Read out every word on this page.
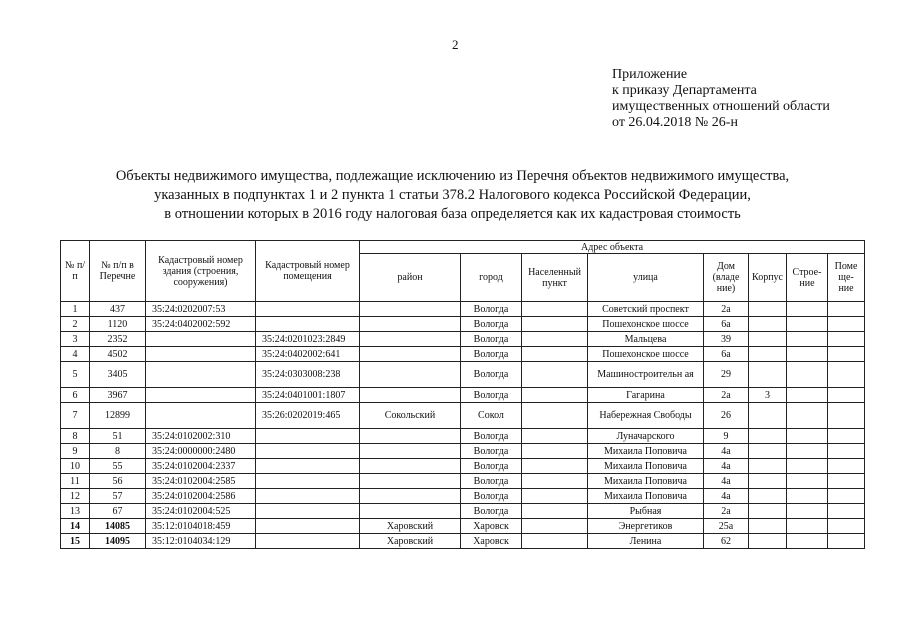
2
Приложение
к приказу Департамента
имущественных отношений области
от 26.04.2018 № 26-н
Объекты недвижимого имущества, подлежащие исключению из Перечня объектов недвижимого имущества,
указанных в подпунктах 1 и 2 пункта 1 статьи 378.2 Налогового кодекса Российской Федерации,
в отношении которых в 2016 году налоговая база определяется как их кадастровая стоимость
№ п/п	№ п/п в Перечне	Кадастровый номер здания (строения, сооружения)	Кадастровый номер помещения	Адрес объекта							
				район	город	Населенный пункт	улица	Дом (владе ние)	Корпус	Строе- ние	Поме ще- ние
1	437	35:24:0202007:53			Вологда		Советский проспект	2а			
2	1120	35:24:0402002:592			Вологда		Пошехонское шоссе	6а			
3	2352		35:24:0201023:2849		Вологда		Мальцева	39			
4	4502		35:24:0402002:641		Вологда		Пошехонское шоссе	6а			
5	3405		35:24:0303008:238		Вологда		Машиностроительн ая	29			
6	3967		35:24:0401001:1807		Вологда		Гагарина	2а	3		
7	12899		35:26:0202019:465	Сокольский	Сокол		Набережная Свободы	26			
8	51	35:24:0102002:310			Вологда		Луначарского	9			
9	8	35:24:0000000:2480			Вологда		Михаила Поповича	4а			
10	55	35:24:0102004:2337			Вологда		Михаила Поповича	4а			
11	56	35:24:0102004:2585			Вологда		Михаила Поповича	4а			
12	57	35:24:0102004:2586			Вологда		Михаила Поповича	4а			
13	67	35:24:0102004:525			Вологда		Рыбная	2а			
14	14085	35:12:0104018:459		Харовский	Харовск		Энергетиков	25а			
15	14095	35:12:0104034:129		Харовский	Харовск		Ленина	62			
